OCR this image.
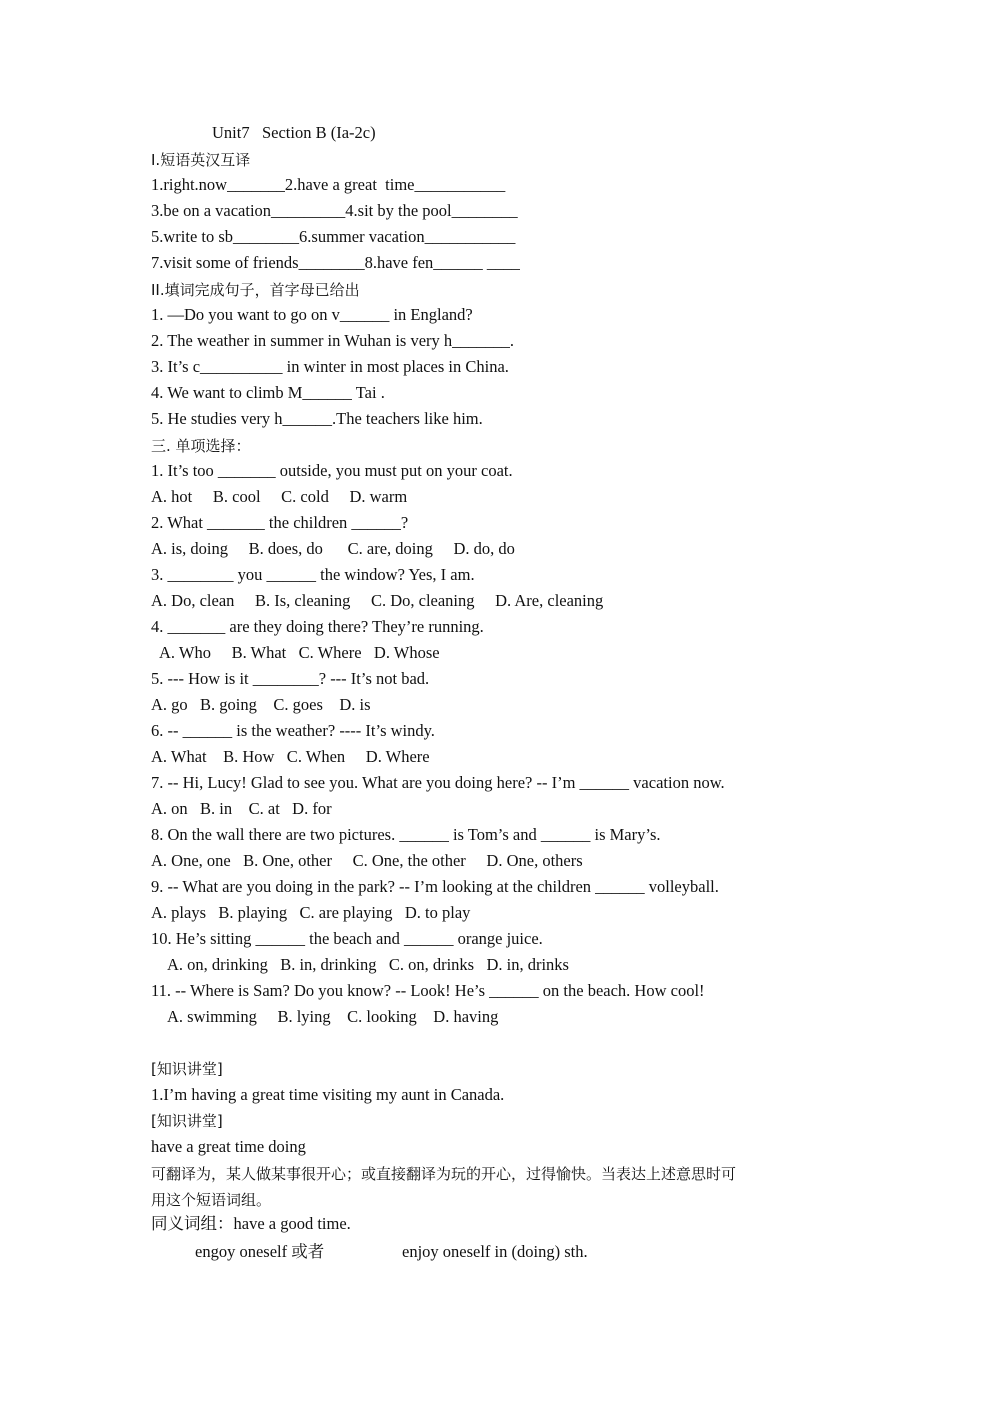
Unit7   Section B (Ia-2c)
I.短语英汉互译
1.right.now_______2.have a great  time___________
3.be on a vacation_________4.sit by the pool________
5.write to sb________6.summer vacation___________
7.visit some of friends________8.have fen______ ____
II.填词完成句子，首字母已给出
1. —Do you want to go on v______ in England?
2. The weather in summer in Wuhan is very h_______.
3. It’s c__________ in winter in most places in China.
4. We want to climb M______ Tai .
5. He studies very h______.The teachers like him.
三. 单项选择：
1. It’s too _______ outside, you must put on your coat.
A. hot     B. cool     C. cold     D. warm
2. What _______ the children ______?
A. is, doing     B. does, do      C. are, doing     D. do, do
3. ________ you ______ the window? Yes, I am.
A. Do, clean     B. Is, cleaning     C. Do, cleaning     D. Are, cleaning
4. _______ are they doing there? They’re running.
A. Who     B. What   C. Where   D. Whose
5. --- How is it ________? --- It’s not bad.
A. go   B. going    C. goes    D. is
6. -- ______ is the weather? ---- It’s windy.
A. What    B. How   C. When     D. Where
7. -- Hi, Lucy! Glad to see you. What are you doing here? -- I’m ______ vacation now.
A. on   B. in    C. at   D. for
8. On the wall there are two pictures. ______ is Tom’s and ______ is Mary’s.
A. One, one   B. One, other     C. One, the other     D. One, others
9. -- What are you doing in the park? -- I’m looking at the children ______ volleyball.
A. plays   B. playing   C. are playing   D. to play
10. He’s sitting ______ the beach and ______ orange juice.
A. on, drinking   B. in, drinking   C. on, drinks   D. in, drinks
11. -- Where is Sam? Do you know? -- Look! He’s ______ on the beach. How cool!
A. swimming     B. lying    C. looking    D. having
[知识讲堂]
1.I’m having a great time visiting my aunt in Canada.
[知识讲堂]
have a great time doing
可翻译为，某人做某事很开心；或直接翻译为玩的开心，过得愉快。当表达上述意思时可
用这个短语词组。
同义词组：have a good time.
engoy oneself 或者	enjoy oneself in (doing) sth.
